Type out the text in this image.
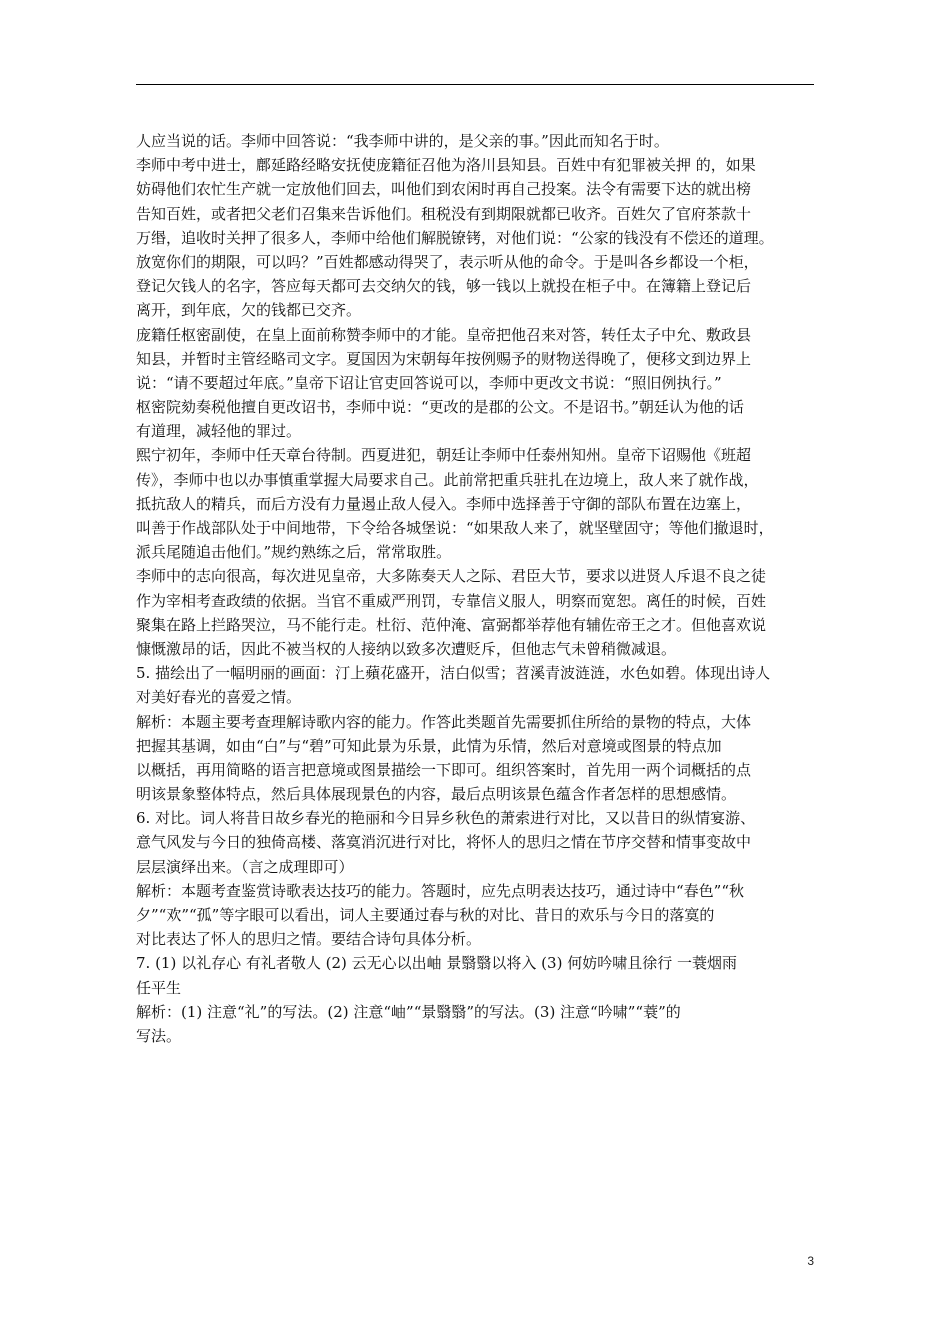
人应当说的话。李师中回答说：“我李师中讲的，是父亲的事。”因此而知名于时。
李师中考中进士，鄜延路经略安抚使庞籍征召他为洛川县知县。百姓中有犯罪被关押 的，如果
妨碍他们农忙生产就一定放他们回去，叫他们到农闲时再自己投案。法令有需要下达的就出榜
告知百姓，或者把父老们召集来告诉他们。租税没有到期限就都已收齐。百姓欠了官府茶款十
万缗，追收时关押了很多人，李师中给他们解脱镣铐，对他们说：“公家的钱没有不偿还的道理。
放宽你们的期限，可以吗？”百姓都感动得哭了，表示听从他的命令。于是叫各乡都设一个柜，
登记欠钱人的名字，答应每天都可去交纳欠的钱，够一钱以上就投在柜子中。在簿籍上登记后
离开，到年底，欠的钱都已交齐。
庞籍任枢密副使，在皇上面前称赞李师中的才能。皇帝把他召来对答，转任太子中允、敷政县
知县，并暂时主管经略司文字。夏国因为宋朝每年按例赐予的财物送得晚了，便移文到边界上
说：“请不要超过年底。”皇帝下诏让官吏回答说可以，李师中更改文书说：“照旧例执行。”
枢密院劾奏税他擅自更改诏书，李师中说：“更改的是郡的公文。不是诏书。”朝廷认为他的话
有道理，减轻他的罪过。
熙宁初年，李师中任天章台待制。西夏进犯，朝廷让李师中任泰州知州。皇帝下诏赐他《班超
传》，李师中也以办事慎重掌握大局要求自己。此前常把重兵驻扎在边境上，敌人来了就作战，
抵抗敌人的精兵，而后方没有力量遏止敌人侵入。李师中选择善于守御的部队布置在边塞上，
叫善于作战部队处于中间地带，下令给各城堡说：“如果敌人来了，就坚壁固守；等他们撤退时，
派兵尾随追击他们。”规约熟练之后，常常取胜。
李师中的志向很高，每次进见皇帝，大多陈奏天人之际、君臣大节，要求以进贤人斥退不良之徒
作为宰相考查政绩的依据。当官不重威严刑罚，专靠信义服人，明察而宽恕。离任的时候，百姓
聚集在路上拦路哭泣，马不能行走。杜衍、范仲淹、富弼都举荐他有辅佐帝王之才。但他喜欢说
慷慨激昂的话，因此不被当权的人接纳以致多次遭贬斥，但他志气未曾稍微减退。
5. 描绘出了一幅明丽的画面：汀上蘋花盛开，洁白似雪；苕溪青波涟涟，水色如碧。体现出诗人
对美好春光的喜爱之情。
解析：本题主要考查理解诗歌内容的能力。作答此类题首先需要抓住所给的景物的特点，大体
把握其基调，如由“白”与“碧”可知此景为乐景，此情为乐情，然后对意境或图景的特点加
以概括，再用简略的语言把意境或图景描绘一下即可。组织答案时，首先用一两个词概括的点
明该景象整体特点，然后具体展现景色的内容，最后点明该景色蕴含作者怎样的思想感情。
6. 对比。词人将昔日故乡春光的艳丽和今日异乡秋色的萧索进行对比，又以昔日的纵情宴游、
意气风发与今日的独倚高楼、落寞消沉进行对比，将怀人的思归之情在节序交替和情事变故中
层层演绎出来。（言之成理即可）
解析：本题考查鉴赏诗歌表达技巧的能力。答题时，应先点明表达技巧，通过诗中“春色”“秋
夕”“欢”“孤”等字眼可以看出，词人主要通过春与秋的对比、昔日的欢乐与今日的落寞的
对比表达了怀人的思归之情。要结合诗句具体分析。
7. (1) 以礼存心 有礼者敬人 (2) 云无心以出岫 景翳翳以将入 (3) 何妨吟啸且徐行 一蓑烟雨
任平生
解析：(1) 注意“礼”的写法。(2) 注意“岫”“景翳翳”的写法。(3) 注意“吟啸”“蓑”的
写法。
3
